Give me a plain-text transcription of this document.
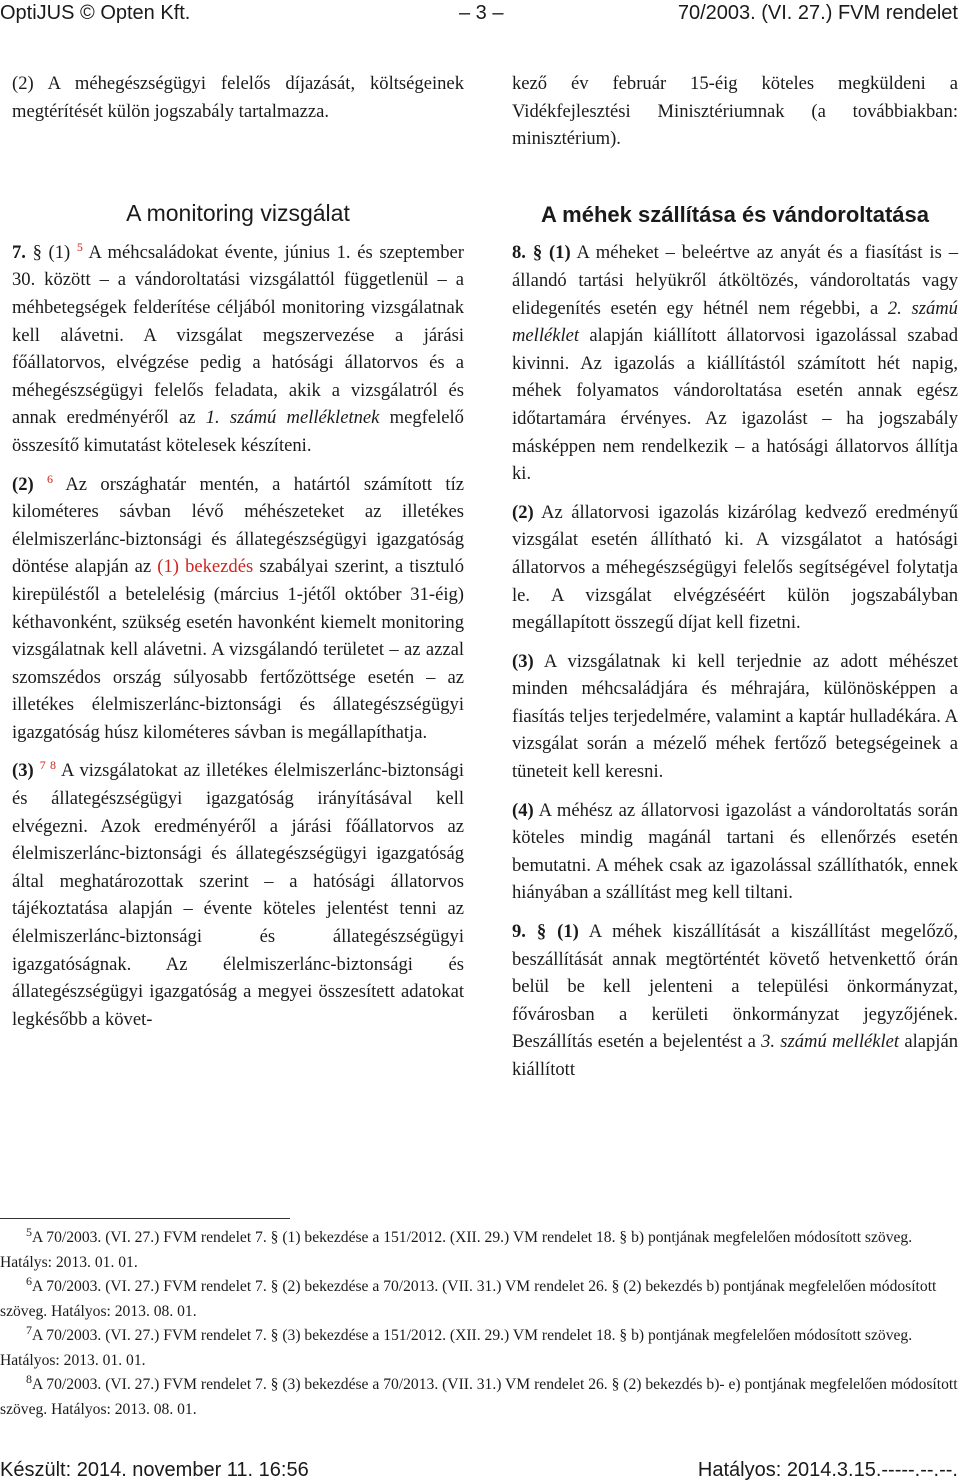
OptiJUS © Opten Kft.	– 3 –	70/2003. (VI. 27.) FVM rendelet

(2) A méhegészségügyi felelős díjazását, költségeinek megtérítését külön jogszabály tartalmazza.

A monitoring vizsgálat

7. § (1) $^5$ A méhcsaládokat évente, június 1. és szeptember 30. között – a vándoroltatási vizsgálattól függetlenül – a méhbetegségek felderítése céljából monitoring vizsgálatnak kell alávetni. A vizsgálat megszervezése a járási főállatorvos, elvégzése pedig a hatósági állatorvos és a méhegészségügyi felelős feladata, akik a vizsgálatról és annak eredményéről az 1. számú mellékletnek megfelelő összesítő kimutatást kötelesek készíteni.

(2) $^6$ Az országhatár mentén, a határtól számított tíz kilométeres sávban lévő méhészeteket az illetékes élelmiszerlánc-biztonsági és állategészségügyi igazgatóság döntése alapján az (1) bekezdés szabályai szerint, a tisztuló kirepüléstől a betelelésig (március 1-jétől október 31-éig) kéthavonként, szükség esetén havonként kiemelt monitoring vizsgálatnak kell alávetni. A vizsgálandó területet – az azzal szomszédos ország súlyosabb fertőzöttsége esetén – az illetékes élelmiszerlánc-biztonsági és állategészségügyi igazgatóság húsz kilométeres sávban is megállapíthatja.

(3) $^{7 8}$ A vizsgálatokat az illetékes élelmiszerlánc-biztonsági és állategészségügyi igazgatóság irányításával kell elvégezni. Azok eredményéről a járási főállatorvos az élelmiszerlánc-biztonsági és állategészségügyi igazgatóság által meghatározottak szerint – a hatósági állatorvos tájékoztatása alapján – évente köteles jelentést tenni az élelmiszerlánc-biztonsági és állategészségügyi igazgatóságnak. Az élelmiszerlánc-biztonsági és állategészségügyi igazgatóság a megyei összesített adatokat legkésőbb a követ-

kező év február 15-éig köteles megküldeni a Vidékfejlesztési Minisztériumnak (a továbbiakban: minisztérium).

A méhek szállítása és vándoroltatása

8. § (1) A méheket – beleértve az anyát és a fiasítást is – állandó tartási helyükről átköltözés, vándoroltatás vagy elidegenítés esetén egy hétnél nem régebbi, a 2. számú melléklet alapján kiállított állatorvosi igazolással szabad kivinni. Az igazolás a kiállítástól számított hét napig, méhek folyamatos vándoroltatása esetén annak egész időtartamára érvényes. Az igazolást – ha jogszabály másképpen nem rendelkezik – a hatósági állatorvos állítja ki.

(2) Az állatorvosi igazolás kizárólag kedvező eredményű vizsgálat esetén állítható ki. A vizsgálatot a hatósági állatorvos a méhegészségügyi felelős segítségével folytatja le. A vizsgálat elvégzéséért külön jogszabályban megállapított összegű díjat kell fizetni.

(3) A vizsgálatnak ki kell terjednie az adott méhészet minden méhcsaládjára és méhrajára, különösképpen a fiasítás teljes terjedelmére, valamint a kaptár hulladékára. A vizsgálat során a mézelő méhek fertőző betegségeinek a tüneteit kell keresni.

(4) A méhész az állatorvosi igazolást a vándoroltatás során köteles mindig magánál tartani és ellenőrzés esetén bemutatni. A méhek csak az igazolással szállíthatók, ennek hiányában a szállítást meg kell tiltani.

9. § (1) A méhek kiszállítását a kiszállítást megelőző, beszállítását annak megtörténtét követő hetvenkettő órán belül be kell jelenteni a települési önkormányzat, fővárosban a kerületi önkormányzat jegyzőjének. Beszállítás esetén a bejelentést a 3. számú melléklet alapján kiállított

$^5$A 70/2003. (VI. 27.) FVM rendelet 7. § (1) bekezdése a 151/2012. (XII. 29.) VM rendelet 18. § b) pontjának megfelelően módosított szöveg. Hatálys: 2013. 01. 01.
$^6$A 70/2003. (VI. 27.) FVM rendelet 7. § (2) bekezdése a 70/2013. (VII. 31.) VM rendelet 26. § (2) bekezdés b) pontjának megfelelően módosított szöveg. Hatályos: 2013. 08. 01.
$^7$A 70/2003. (VI. 27.) FVM rendelet 7. § (3) bekezdése a 151/2012. (XII. 29.) VM rendelet 18. § b) pontjának megfelelően módosított szöveg. Hatályos: 2013. 01. 01.
$^8$A 70/2003. (VI. 27.) FVM rendelet 7. § (3) bekezdése a 70/2013. (VII. 31.) VM rendelet 26. § (2) bekezdés b)- e) pontjának megfelelően módosított szöveg. Hatályos: 2013. 08. 01.
Készült: 2014. november 11. 16:56	Hatályos: 2014.3.15.-----.--.--.
